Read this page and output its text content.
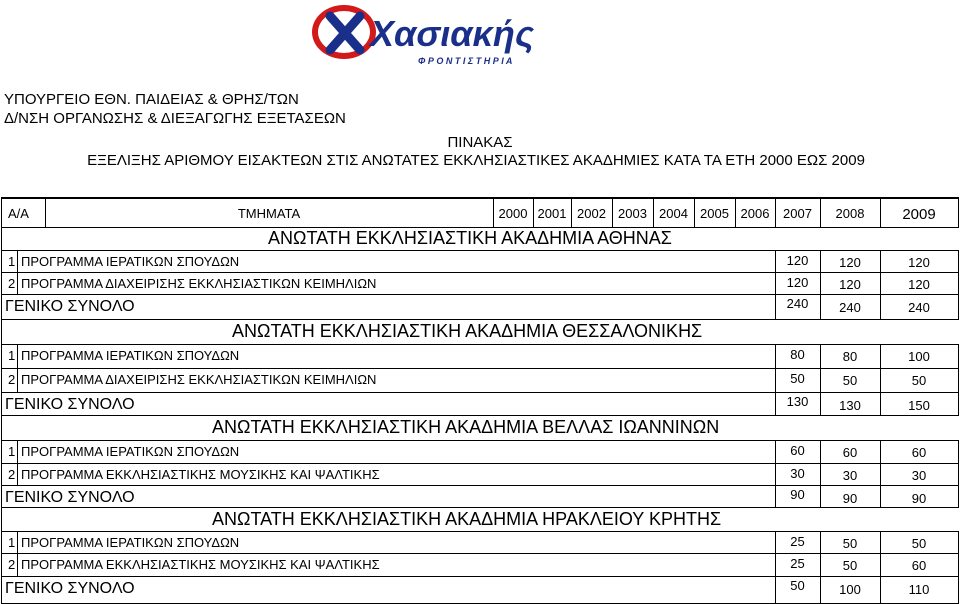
Χασιακής
Φ Ρ Ο Ν Τ Ι Σ Τ Η Ρ Ι Α
ΥΠΟΥΡΓΕΙΟ ΕΘΝ. ΠΑΙΔΕΙΑΣ & ΘΡΗΣ/ΤΩΝ
Δ/ΝΣΗ ΟΡΓΑΝΩΣΗΣ & ΔΙΕΞΑΓΩΓΗΣ ΕΞΕΤΑΣΕΩΝ
ΠΙΝΑΚΑΣ
ΕΞΕΛΙΞΗΣ ΑΡΙΘΜΟΥ ΕΙΣΑΚΤΕΩΝ ΣΤΙΣ ΑΝΩΤΑΤΕΣ ΕΚΚΛΗΣΙΑΣΤΙΚΕΣ ΑΚΑΔΗΜΙΕΣ ΚΑΤΑ ΤΑ ΕΤΗ 2000 ΕΩΣ 2009
Α/Α	ΤΜΗΜΑΤΑ	2000 2001 2002 2003 2004 2005 2006	2007	2008	2009
ΑΝΩΤΑΤΗ ΕΚΚΛΗΣΙΑΣΤΙΚΗ ΑΚΑΔΗΜΙΑ ΑΘΗΝΑΣ
1 ΠΡΟΓΡΑΜΜΑ ΙΕΡΑΤΙΚΩΝ ΣΠΟΥΔΩΝ	120	120	120
2 ΠΡΟΓΡΑΜΜΑ ΔΙΑΧΕΙΡΙΣΗΣ ΕΚΚΛΗΣΙΑΣΤΙΚΩΝ ΚΕΙΜΗΛΙΩΝ	120	120	120
ΓΕΝΙΚΟ ΣΥΝΟΛΟ	240	240	240
ΑΝΩΤΑΤΗ ΕΚΚΛΗΣΙΑΣΤΙΚΗ ΑΚΑΔΗΜΙΑ ΘΕΣΣΑΛΟΝΙΚΗΣ
1 ΠΡΟΓΡΑΜΜΑ ΙΕΡΑΤΙΚΩΝ ΣΠΟΥΔΩΝ	80	80	100
2 ΠΡΟΓΡΑΜΜΑ ΔΙΑΧΕΙΡΙΣΗΣ ΕΚΚΛΗΣΙΑΣΤΙΚΩΝ ΚΕΙΜΗΛΙΩΝ	50	50	50
ΓΕΝΙΚΟ ΣΥΝΟΛΟ	130	130	150
ΑΝΩΤΑΤΗ ΕΚΚΛΗΣΙΑΣΤΙΚΗ ΑΚΑΔΗΜΙΑ ΒΕΛΛΑΣ ΙΩΑΝΝΙΝΩΝ
1 ΠΡΟΓΡΑΜΜΑ ΙΕΡΑΤΙΚΩΝ ΣΠΟΥΔΩΝ	60	60	60
2 ΠΡΟΓΡΑΜΜΑ ΕΚΚΛΗΣΙΑΣΤΙΚΗΣ ΜΟΥΣΙΚΗΣ ΚΑΙ ΨΑΛΤΙΚΗΣ	30	30	30
ΓΕΝΙΚΟ ΣΥΝΟΛΟ	90	90	90
ΑΝΩΤΑΤΗ ΕΚΚΛΗΣΙΑΣΤΙΚΗ ΑΚΑΔΗΜΙΑ ΗΡΑΚΛΕΙΟΥ ΚΡΗΤΗΣ
1 ΠΡΟΓΡΑΜΜΑ ΙΕΡΑΤΙΚΩΝ ΣΠΟΥΔΩΝ	25	50	50
2 ΠΡΟΓΡΑΜΜΑ ΕΚΚΛΗΣΙΑΣΤΙΚΗΣ ΜΟΥΣΙΚΗΣ ΚΑΙ ΨΑΛΤΙΚΗΣ	25	50	60
ΓΕΝΙΚΟ ΣΥΝΟΛΟ	50	100	110
